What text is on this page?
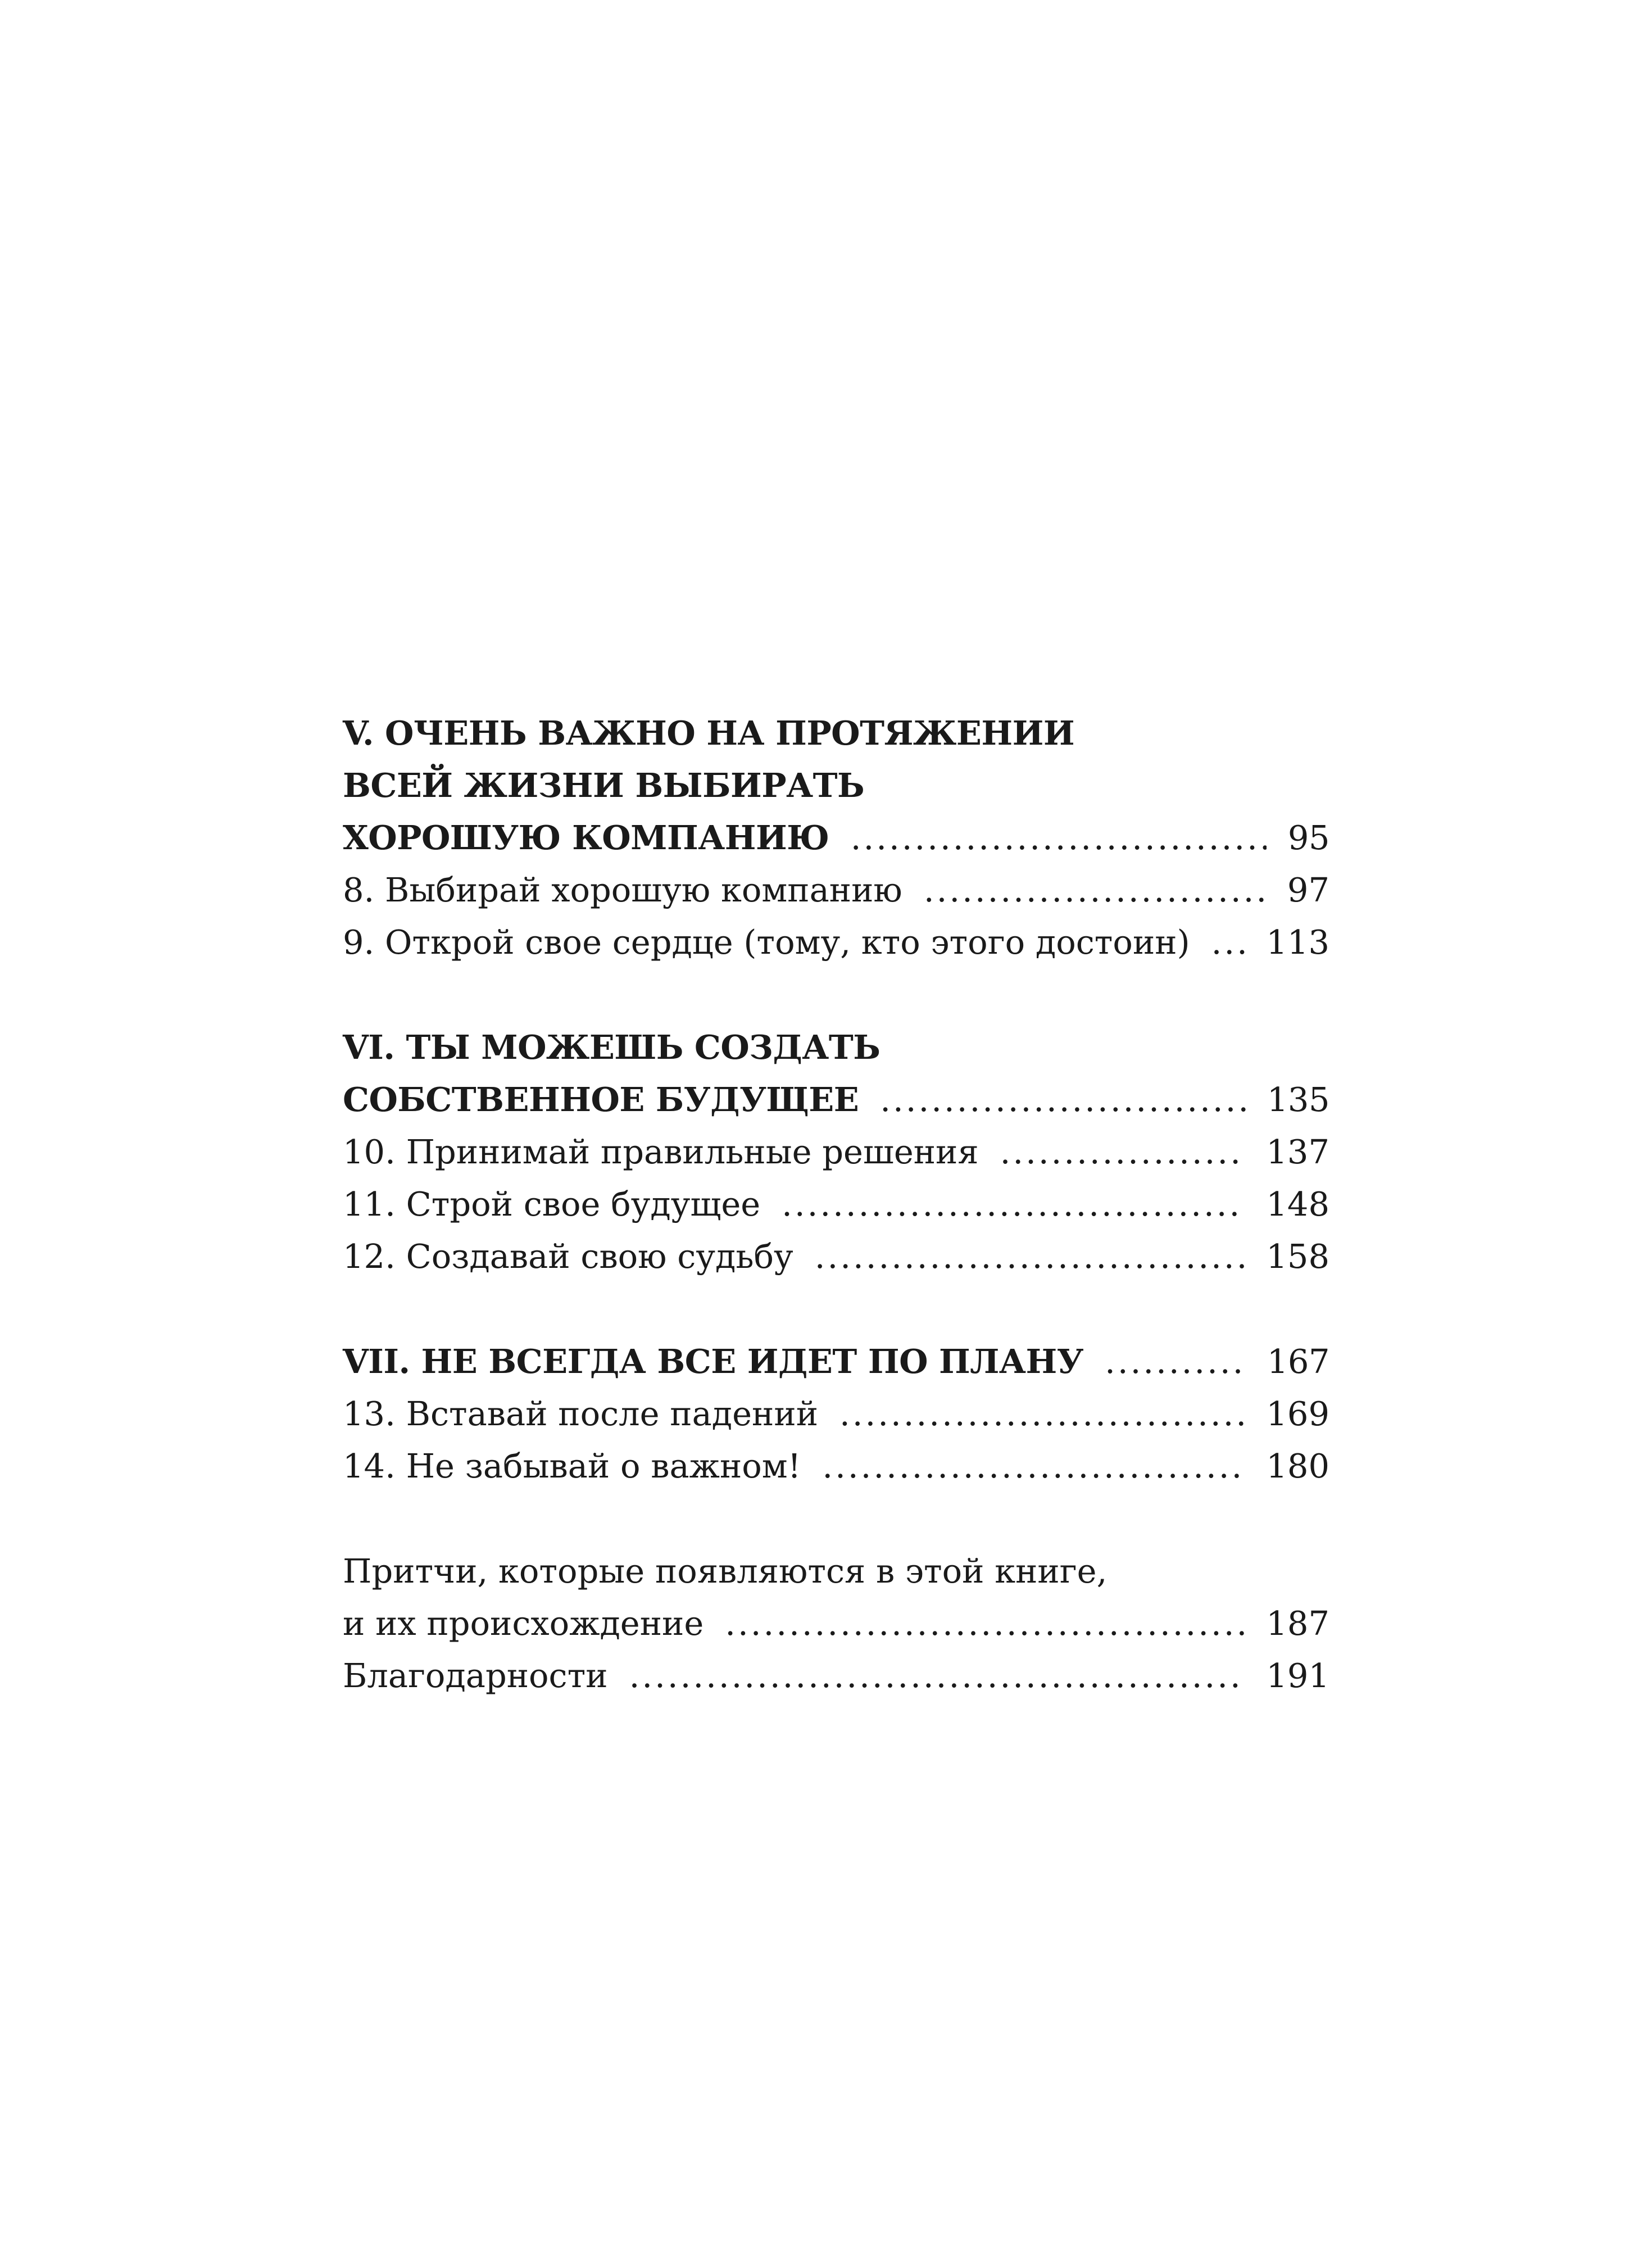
V. ОЧЕНЬ ВАЖНО НА ПРОТЯЖЕНИИ
ВСЕЙ ЖИЗНИ ВЫБИРАТЬ
ХОРОШУЮ КОМПАНИЮ .....	95
8. Выбирай хорошую компанию .....	97
9. Открой свое сердце (тому, кто этого достоин) ..... 113
VI. ТЫ МОЖЕШЬ СОЗДАТЬ
СОБСТВЕННОЕ БУДУЩЕЕ .....	135
10. Принимай правильные решения .....	137
11. Строй свое будущее .....	148
12. Создавай свою судьбу .....	158
VII. НЕ ВСЕГДА ВСЕ ИДЕТ ПО ПЛАНУ .....	167
13. Вставай после падений .....	169
14. Не забывай о важном! .....	180
Притчи, которые появляются в этой книге,
и их происхождение .....	187
Благодарности .....	191
